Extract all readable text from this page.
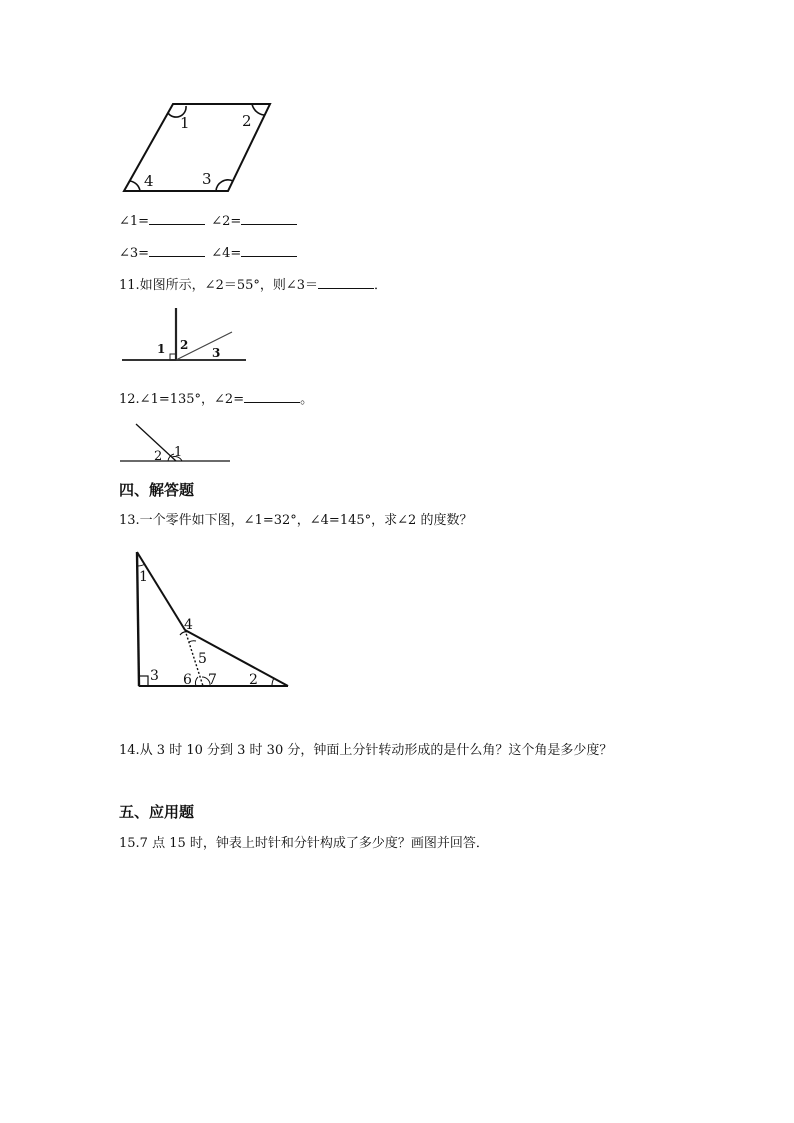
1	2
3
4
∠1=	∠2=
∠3=	∠4=
11.如图所示，∠2＝55°，则∠3＝	．
1 2
3
12.∠1=135°，∠2=	。
2 1
四、解答题
13.一个零件如下图，∠1=32°，∠4=145°，求∠2 的度数？
1
4
5
3 6 7 2
14.从 3 时 10 分到 3 时 30 分，钟面上分针转动形成的是什么角？这个角是多少度？
五、应用题
15.7 点 15 时，钟表上时针和分针构成了多少度？画图并回答．
